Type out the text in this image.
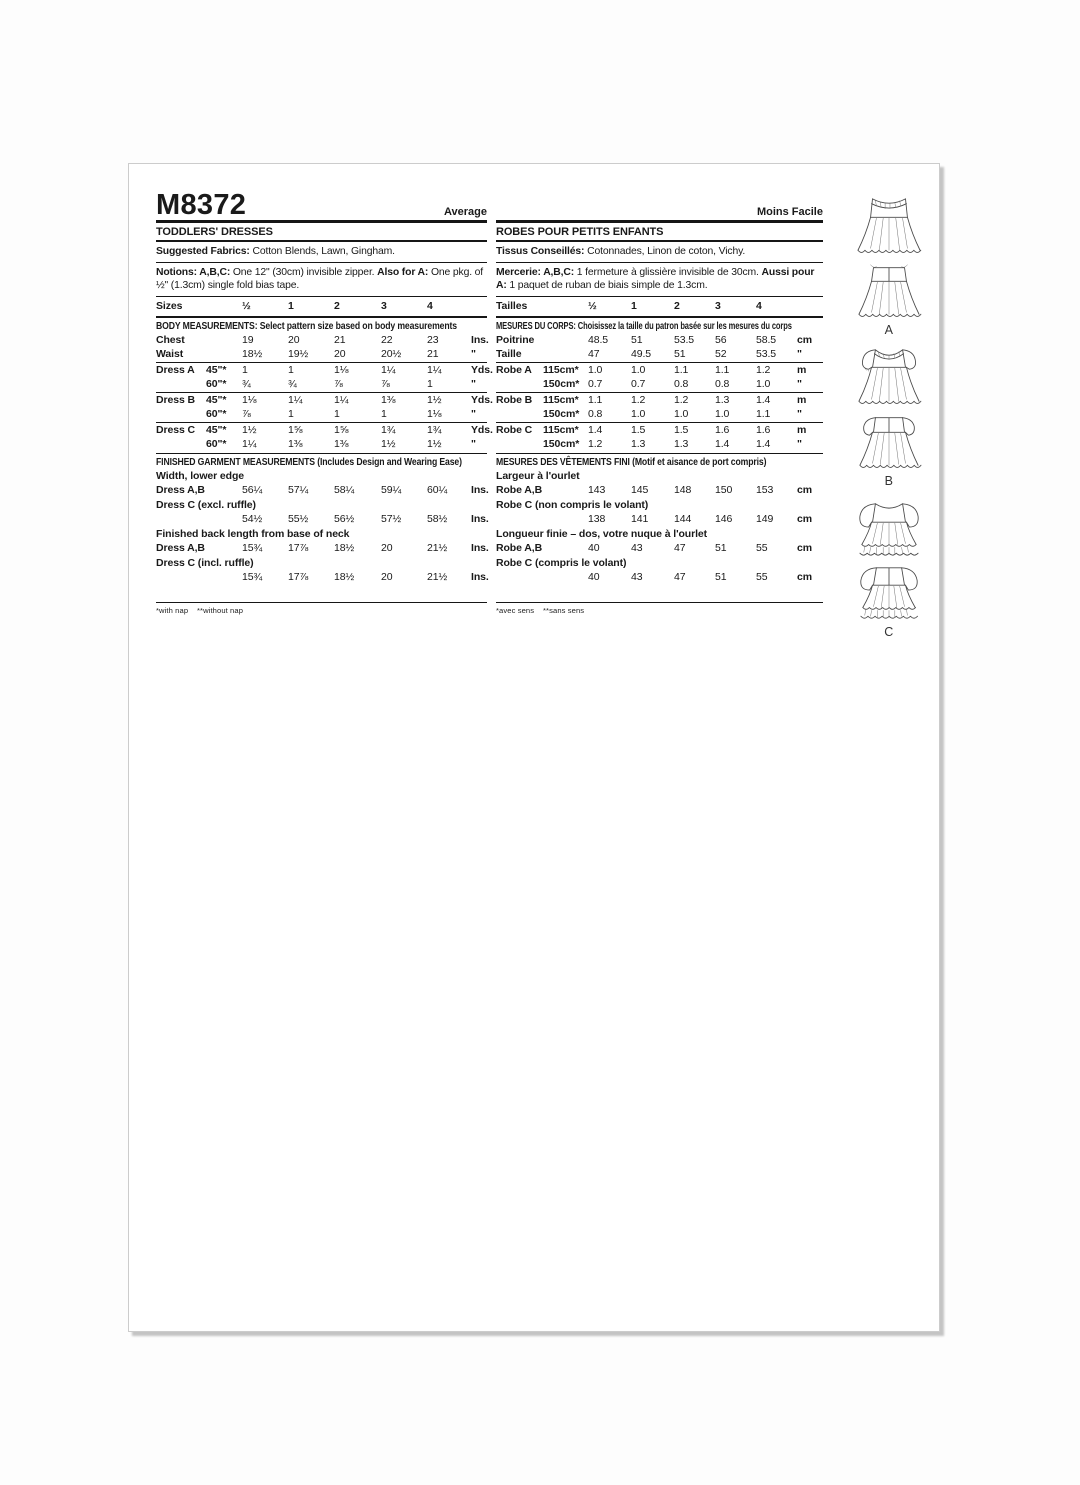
M8372	Average
TODDLERS' DRESSES

Suggested Fabrics: Cotton Blends, Lawn, Gingham.

Notions: A,B,C: One 12" (30cm) invisible zipper. Also for A: One pkg. of ½" (1.3cm) single fold bias tape.

Sizes	½	1	2	3	4
BODY MEASUREMENTS: Select pattern size based on body measurements
Chest	19	20	21	22	23	Ins.
Waist	18½	19½	20	20½	21	"
Dress A	45"*	1	1	1⅛	1¼	1¼	Yds.
60"*	¾	¾	⅞	⅞	1	"
Dress B	45"*	1⅛	1¼	1¼	1⅜	1½	Yds.
60"*	⅞	1	1	1	1⅛	"
Dress C	45"*	1½	1⅝	1⅝	1¾	1¾	Yds.
60"*	1¼	1⅜	1⅜	1½	1½	"
FINISHED GARMENT MEASUREMENTS (Includes Design and Wearing Ease)
Width, lower edge
Dress A,B	56¼	57¼	58¼	59¼	60¼	Ins.
Dress C (excl. ruffle)
54½	55½	56½	57½	58½	Ins.
Finished back length from base of neck
Dress A,B	15¾	17⅞	18½	20	21½	Ins.
Dress C (incl. ruffle)
15¾	17⅞	18½	20	21½	Ins.
*with nap    **without nap
Moins Facile
ROBES POUR PETITS ENFANTS

Tissus Conseillés: Cotonnades, Linon de coton, Vichy.

Mercerie: A,B,C: 1 fermeture à glissière invisible de 30cm. Aussi pour A: 1 paquet de ruban de biais simple de 1.3cm.

Tailles	½	1	2	3	4
MESURES DU CORPS: Choisissez la taille du patron basée sur les mesures du corps
Poitrine	48.5	51	53.5	56	58.5	cm
Taille	47	49.5	51	52	53.5	"
Robe A	115cm* 1.0	1.0	1.1	1.1	1.2	m
150cm* 0.7	0.7	0.8	0.8	1.0	"
Robe B	115cm* 1.1	1.2	1.2	1.3	1.4	m
150cm* 0.8	1.0	1.0	1.0	1.1	"
Robe C	115cm* 1.4	1.5	1.5	1.6	1.6	m
150cm* 1.2	1.3	1.3	1.4	1.4	"
MESURES DES VÊTEMENTS FINI (Motif et aisance de port compris)
Largeur à l'ourlet
Robe A,B	143	145	148	150	153	cm
Robe C (non compris le volant)
138	141	144	146	149	cm
Longueur finie – dos, votre nuque à l'ourlet
Robe A,B	40	43	47	51	55	cm
Robe C (compris le volant)
40	43	47	51	55	cm
*avec sens    **sans sens
A
B
C
